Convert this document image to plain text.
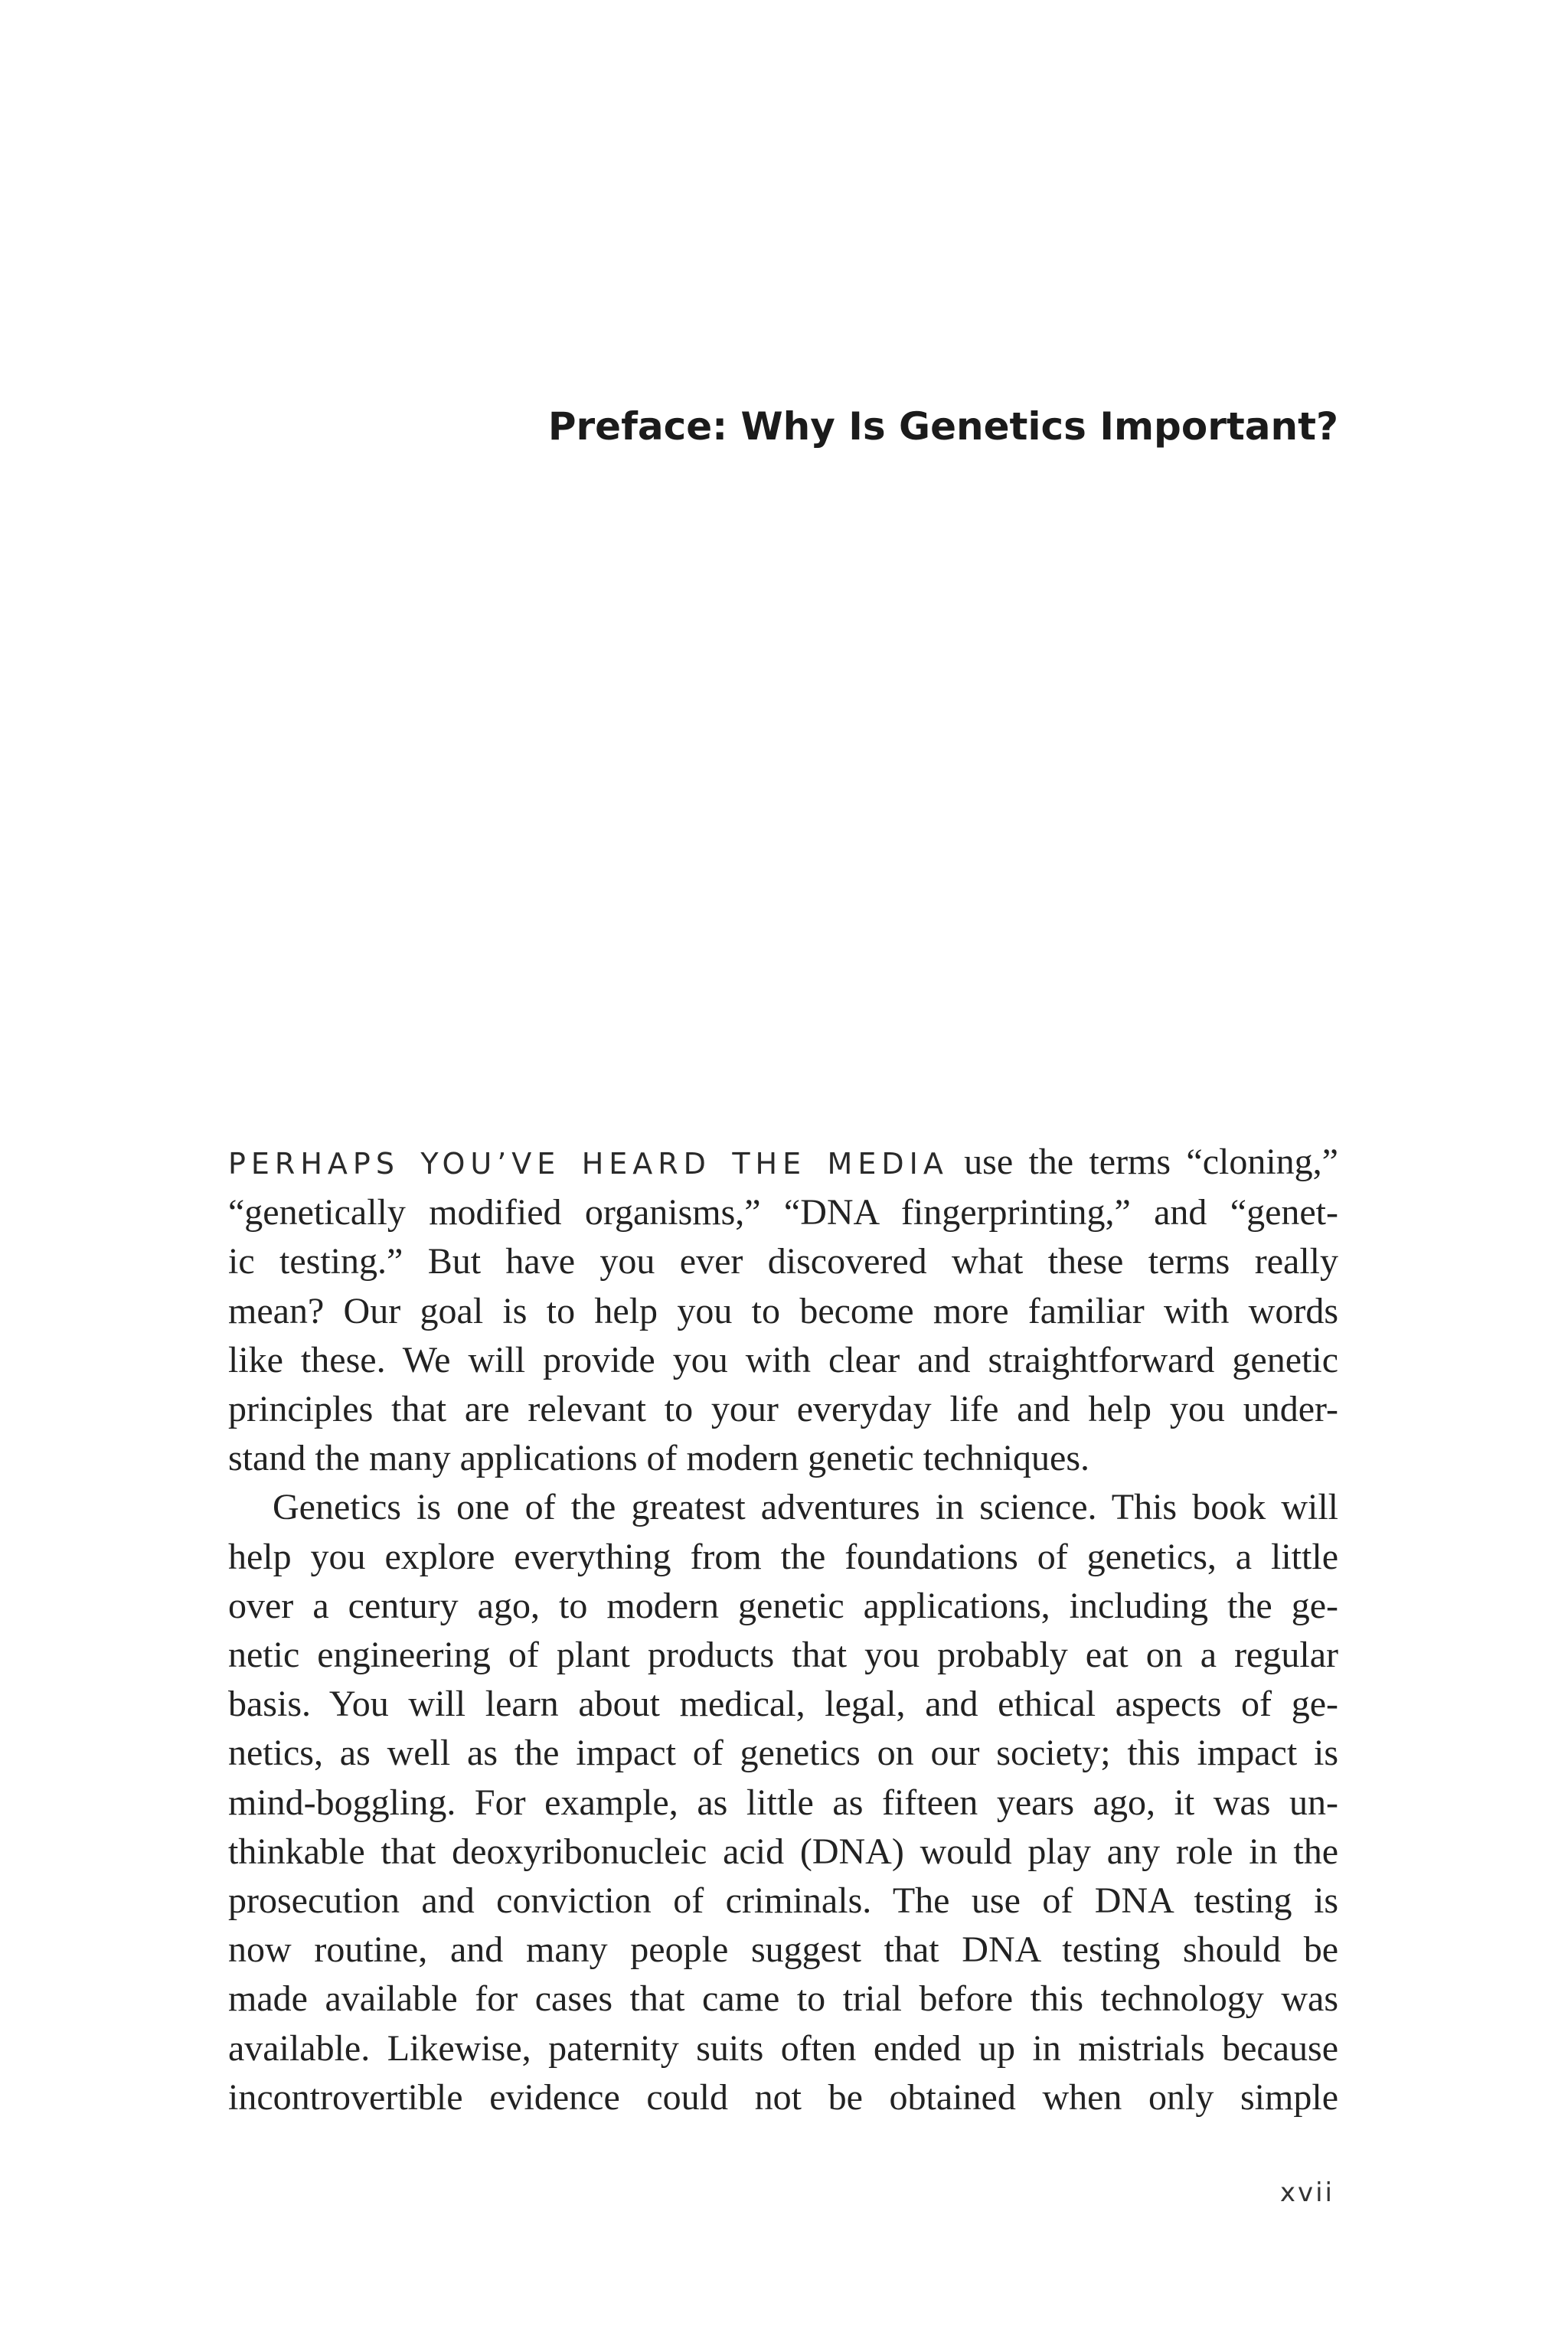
Preface: Why Is Genetics Important?

PERHAPS YOU’VE HEARD THE MEDIA use the terms “cloning,”
“genetically modified organisms,” “DNA fingerprinting,” and “genet-
ic testing.” But have you ever discovered what these terms really
mean? Our goal is to help you to become more familiar with words
like these. We will provide you with clear and straightforward genetic
principles that are relevant to your everyday life and help you under-
stand the many applications of modern genetic techniques.

Genetics is one of the greatest adventures in science. This book will
help you explore everything from the foundations of genetics, a little
over a century ago, to modern genetic applications, including the ge-
netic engineering of plant products that you probably eat on a regular
basis. You will learn about medical, legal, and ethical aspects of ge-
netics, as well as the impact of genetics on our society; this impact is
mind-boggling. For example, as little as fifteen years ago, it was un-
thinkable that deoxyribonucleic acid (DNA) would play any role in the
prosecution and conviction of criminals. The use of DNA testing is
now routine, and many people suggest that DNA testing should be
made available for cases that came to trial before this technology was
available. Likewise, paternity suits often ended up in mistrials because
incontrovertible evidence could not be obtained when only simple

xvii
